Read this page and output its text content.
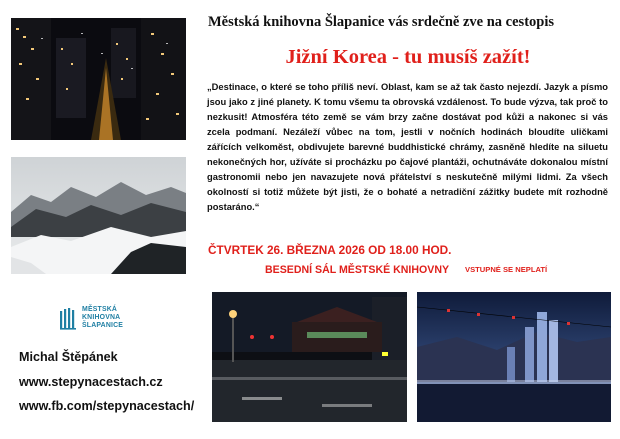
Městská knihovna Šlapanice vás srdečně zve na cestopis
Jižní Korea - tu musíš zažít!
„Destinace, o které se toho příliš neví. Oblast, kam se až tak často nejezdí. Jazyk a písmo jsou jako z jiné planety. K tomu všemu ta obrovská vzdálenost. To bude výzva, tak proč to nezkusit! Atmosféra této země se vám brzy začne dostávat pod kůži a nakonec si vás zcela podmaní. Nezáleží vůbec na tom, jestli v nočních hodinách bloudíte uličkami zářících velkoměst, obdivujete barevné buddhistické chrámy, zasněně hledíte na siluetu nekonečných hor, užíváte si procházku po čajové plantáži, ochutnáváte dokonalou místní gastronomii nebo jen navazujete nová přátelství s neskutečně milými lidmi. Za všech okolností si totiž můžete být jisti, že o bohaté a netradiční zážitky budete mít rozhodně postaráno.“
ČTVRTEK 26. BŘEZNA 2026 OD 18.00 HOD.
BESEDNÍ SÁL MĚSTSKÉ KNIHOVNY VSTUPNÉ SE NEPLATÍ
MĚSTSKÁ
KNIHOVNA
ŠLAPANICE
Michal Štěpánek
www.stepynacestach.cz
www.fb.com/stepynacestach/
